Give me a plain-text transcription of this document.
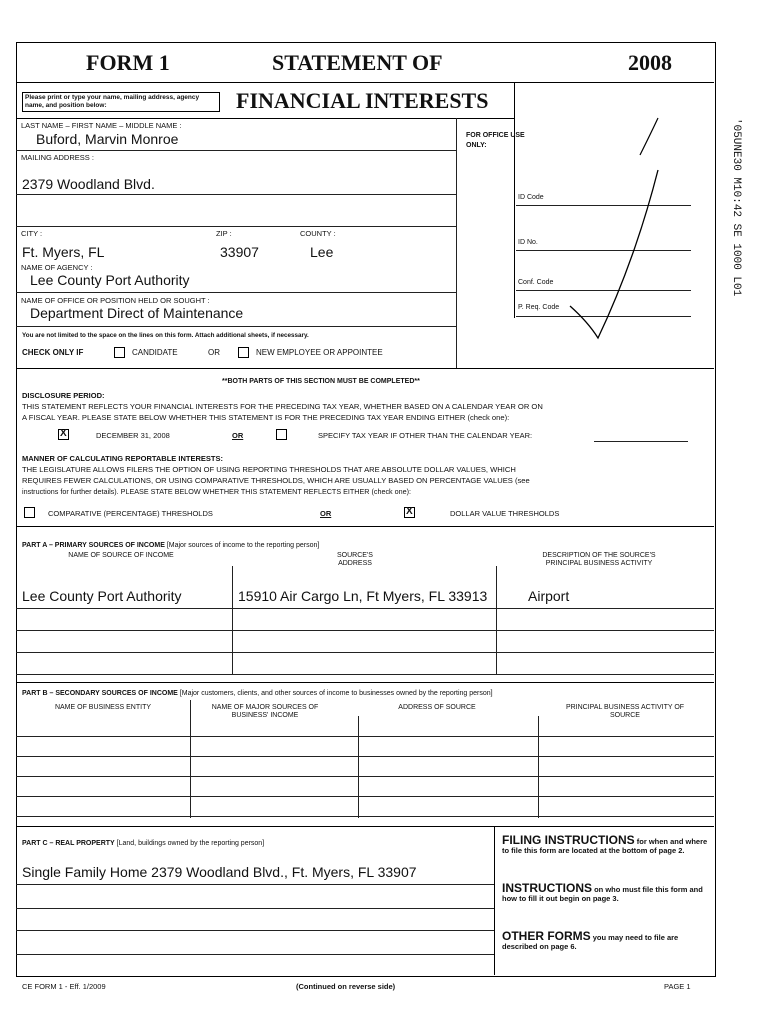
FORM 1	STATEMENT OF	2008
FINANCIAL INTERESTS
Please print or type your name, mailing address, agency name, and position below:
'05UNE30 M10:42 SE 1000 L01
LAST NAME – FIRST NAME – MIDDLE NAME :
Buford, Marvin Monroe
MAILING ADDRESS :
2379 Woodland Blvd.
CITY :	ZIP :	COUNTY :
Ft. Myers, FL	33907	Lee
NAME OF AGENCY :
Lee County Port Authority
NAME OF OFFICE OR POSITION HELD OR SOUGHT :
Department Direct of Maintenance
You are not limited to the space on the lines on this form. Attach additional sheets, if necessary.
CHECK ONLY IF	CANDIDATE	OR	NEW EMPLOYEE OR APPOINTEE
FOR OFFICE USE ONLY:
ID Code
ID No.
Conf. Code
P. Req. Code
**BOTH PARTS OF THIS SECTION MUST BE COMPLETED**
DISCLOSURE PERIOD:
THIS STATEMENT REFLECTS YOUR FINANCIAL INTERESTS FOR THE PRECEDING TAX YEAR, WHETHER BASED ON A CALENDAR YEAR OR ON
A FISCAL YEAR. PLEASE STATE BELOW WHETHER THIS STATEMENT IS FOR THE PRECEDING TAX YEAR ENDING EITHER (check one):
X
DECEMBER 31, 2008	OR	SPECIFY TAX YEAR IF OTHER THAN THE CALENDAR YEAR:
MANNER OF CALCULATING REPORTABLE INTERESTS:
THE LEGISLATURE ALLOWS FILERS THE OPTION OF USING REPORTING THRESHOLDS THAT ARE ABSOLUTE DOLLAR VALUES, WHICH
REQUIRES FEWER CALCULATIONS, OR USING COMPARATIVE THRESHOLDS, WHICH ARE USUALLY BASED ON PERCENTAGE VALUES (see
instructions for further details). PLEASE STATE BELOW WHETHER THIS STATEMENT REFLECTS EITHER (check one):
COMPARATIVE (PERCENTAGE) THRESHOLDS	OR
X	DOLLAR VALUE THRESHOLDS
PART A – PRIMARY SOURCES OF INCOME [Major sources of income to the reporting person]
NAME OF SOURCE OF INCOME	SOURCE'S ADDRESS
DESCRIPTION OF THE SOURCE'S PRINCIPAL BUSINESS ACTIVITY
Lee County Port Authority	15910 Air Cargo Ln, Ft Myers, FL 33913	Airport
PART B – SECONDARY SOURCES OF INCOME [Major customers, clients, and other sources of income to businesses owned by the reporting person]
NAME OF BUSINESS ENTITY	NAME OF MAJOR SOURCES OF BUSINESS' INCOME
ADDRESS OF SOURCE	PRINCIPAL BUSINESS ACTIVITY OF SOURCE
PART C – REAL PROPERTY [Land, buildings owned by the reporting person]
Single Family Home 2379 Woodland Blvd., Ft. Myers, FL 33907
FILING INSTRUCTIONS for when and where to file this form are located at the bottom of page 2.
INSTRUCTIONS on who must file this form and how to fill it out begin on page 3.
OTHER FORMS you may need to file are described on page 6.
CE FORM 1 - Eff. 1/2009	(Continued on reverse side)	PAGE 1
